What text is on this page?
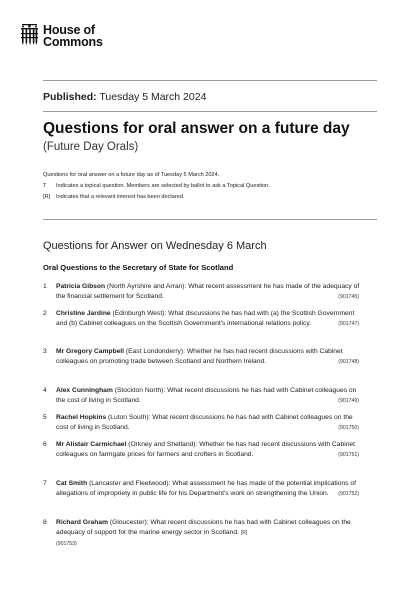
House of
Commons
Published: Tuesday 5 March 2024
Questions for oral answer on a future day
(Future Day Orals)
Questions for oral answer on a future day as of Tuesday 5 March 2024.
T	Indicates a topical question. Members are selected by ballot to ask a Topical Question.
[R]	Indicates that a relevant interest has been declared.
Questions for Answer on Wednesday 6 March
Oral Questions to the Secretary of State for Scotland
1	Patricia Gibson (North Ayrshire and Arran): What recent assessment he has made of the adequacy of the financial settlement for Scotland.	(901745)
2	Christine Jardine (Edinburgh West): What discussions he has had with (a) the Scottish Government and (b) Cabinet colleagues on the Scottish Government's international relations policy.	(901747)
3	Mr Gregory Campbell (East Londonderry): Whether he has had recent discussions with Cabinet colleagues on promoting trade between Scotland and Northern Ireland.	(901748)
4	Alex Cunningham (Stockton North): What recent discussions he has had with Cabinet colleagues on the cost of living in Scotland.	(901749)
5	Rachel Hopkins (Luton South): What recent discussions he has had with Cabinet colleagues on the cost of living in Scotland.	(901750)
6	Mr Alistair Carmichael (Orkney and Shetland): Whether he has had recent discussions with Cabinet colleagues on farmgate prices for farmers and crofters in Scotland.	(901751)
7	Cat Smith (Lancaster and Fleetwood): What assessment he has made of the potential implications of allegations of impropriety in public life for his Department's work on strengthening the Union.	(901752)
8	Richard Graham (Gloucester): What recent discussions he has had with Cabinet colleagues on the adequacy of support for the marine energy sector in Scotland. [R]
(901753)
